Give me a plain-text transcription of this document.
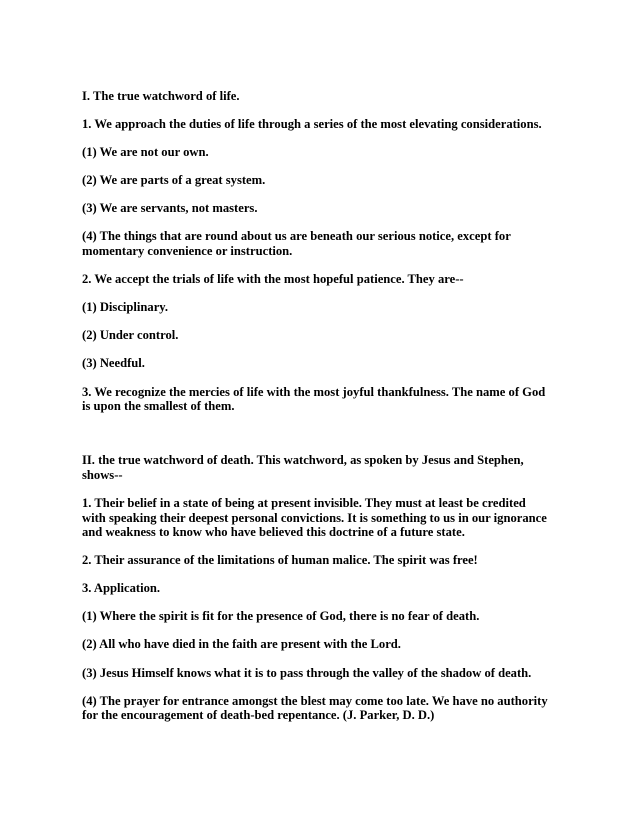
I. The true watchword of life.

1. We approach the duties of life through a series of the most elevating considerations.

(1) We are not our own.

(2) We are parts of a great system.

(3) We are servants, not masters.

(4) The things that are round about us are beneath our serious notice, except for momentary convenience or instruction.

2. We accept the trials of life with the most hopeful patience. They are--

(1) Disciplinary.

(2) Under control.

(3) Needful.

3. We recognize the mercies of life with the most joyful thankfulness. The name of God is upon the smallest of them.

II. the true watchword of death. This watchword, as spoken by Jesus and Stephen, shows--

1. Their belief in a state of being at present invisible. They must at least be credited with speaking their deepest personal convictions. It is something to us in our ignorance and weakness to know who have believed this doctrine of a future state.

2. Their assurance of the limitations of human malice. The spirit was free!

3. Application.

(1) Where the spirit is fit for the presence of God, there is no fear of death.

(2) All who have died in the faith are present with the Lord.

(3) Jesus Himself knows what it is to pass through the valley of the shadow of death.

(4) The prayer for entrance amongst the blest may come too late. We have no authority for the encouragement of death-bed repentance. (J. Parker, D. D.)
